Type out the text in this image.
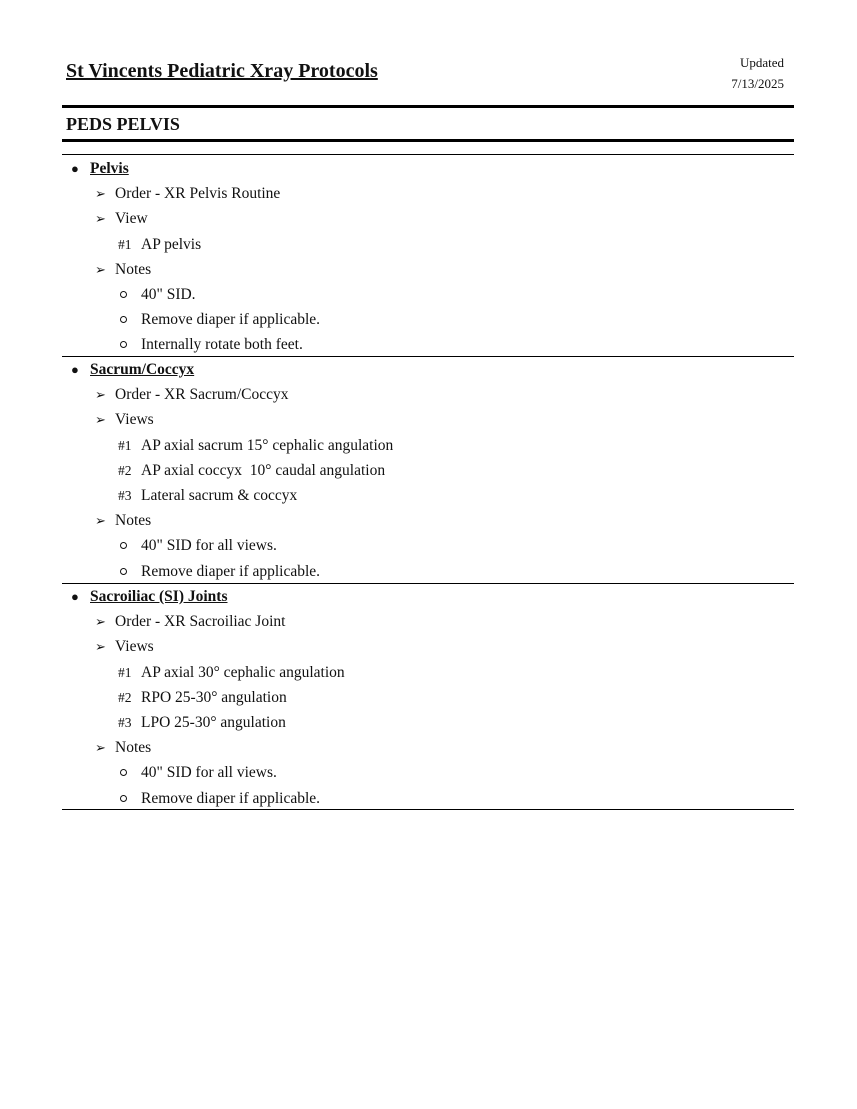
St Vincents Pediatric Xray Protocols	Updated
7/13/2025
PEDS PELVIS
● Pelvis
➢ Order - XR Pelvis Routine
➢ View
#1 AP pelvis
➢ Notes
40" SID.
Remove diaper if applicable.
Internally rotate both feet.
● Sacrum/Coccyx
➢ Order - XR Sacrum/Coccyx
➢ Views
#1 AP axial sacrum 15° cephalic angulation
#2 AP axial coccyx  10° caudal angulation
#3 Lateral sacrum & coccyx
➢ Notes
40" SID for all views.
Remove diaper if applicable.
● Sacroiliac (SI) Joints
➢ Order - XR Sacroiliac Joint
➢ Views
#1 AP axial 30° cephalic angulation
#2 RPO 25-30° angulation
#3 LPO 25-30° angulation
➢ Notes
40" SID for all views.
Remove diaper if applicable.
